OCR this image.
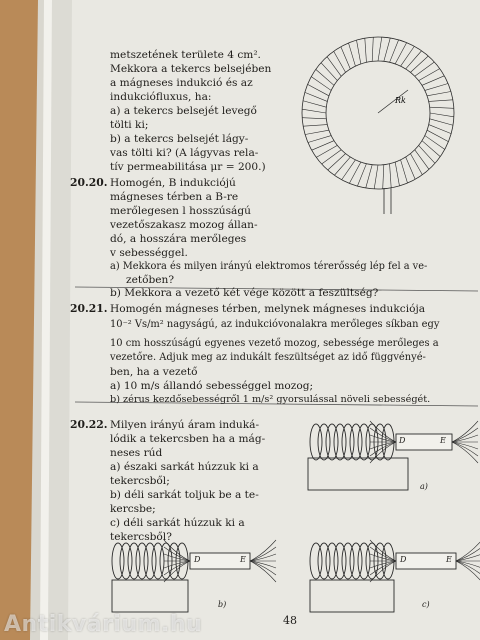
Rk
metszetének területe 4 cm².
Mekkora a tekercs belsejében
a mágneses indukció és az
indukciófluxus, ha:
a) a tekercs belsejét levegő
tölti ki;
b) a tekercs belsejét lágy-
vas tölti ki? (A lágyvas rela-
tív permeabilitása μr = 200.)
20.20. Homogén, B indukciójú
mágneses térben a B-re
merőlegesen l hosszúságú
vezetőszakasz mozog állan-
dó, a hosszára merőleges
v sebességgel.
a) Mekkora és milyen irányú elektromos térerősség lép fel a ve-
zetőben?
b) Mekkora a vezető két vége között a feszültség?
20.21. Homogén mágneses térben, melynek mágneses indukciója
10⁻² Vs/m² nagyságú, az indukcióvonalakra merőleges síkban egy
10 cm hosszúságú egyenes vezető mozog, sebessége merőleges a
vezetőre. Adjuk meg az indukált feszültséget az idő függvényé-
ben, ha a vezető
a) 10 m/s állandó sebességgel mozog;
b) zérus kezdősebességről 1 m/s² gyorsulással növeli sebességét.
20.22. Milyen irányú áram induká-
lódik a tekercsben ha a mág-
neses rúd
a) északi sarkát húzzuk ki a
tekercsből;
b) déli sarkát toljuk be a te-
kercsbe;
c) déli sarkát húzzuk ki a
tekercsből?
a)
b)	c)
D	E
D	E	D	E
48
Antikvárium.hu
